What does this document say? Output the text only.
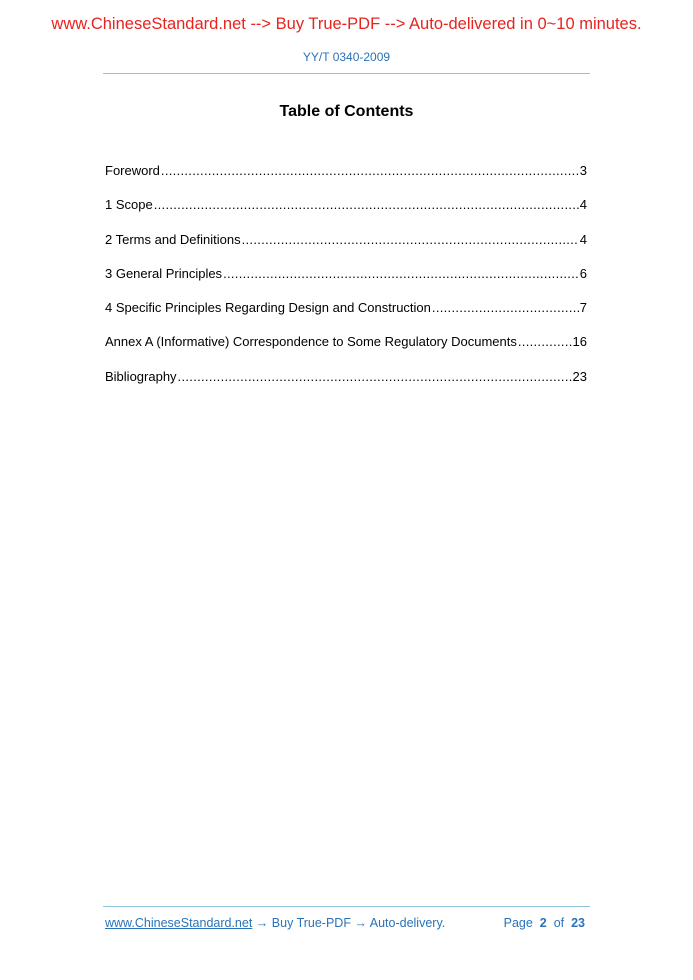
www.ChineseStandard.net --> Buy True-PDF --> Auto-delivered in 0~10 minutes.
YY/T 0340-2009
Table of Contents
Foreword .....	3
1 Scope .....	4
2 Terms and Definitions .....	4
3 General Principles .....	6
4 Specific Principles Regarding Design and Construction .....	7
Annex A (Informative) Correspondence to Some Regulatory Documents .....	16
Bibliography .....	23
www.ChineseStandard.net → Buy True-PDF → Auto-delivery.	Page 2 of 23
